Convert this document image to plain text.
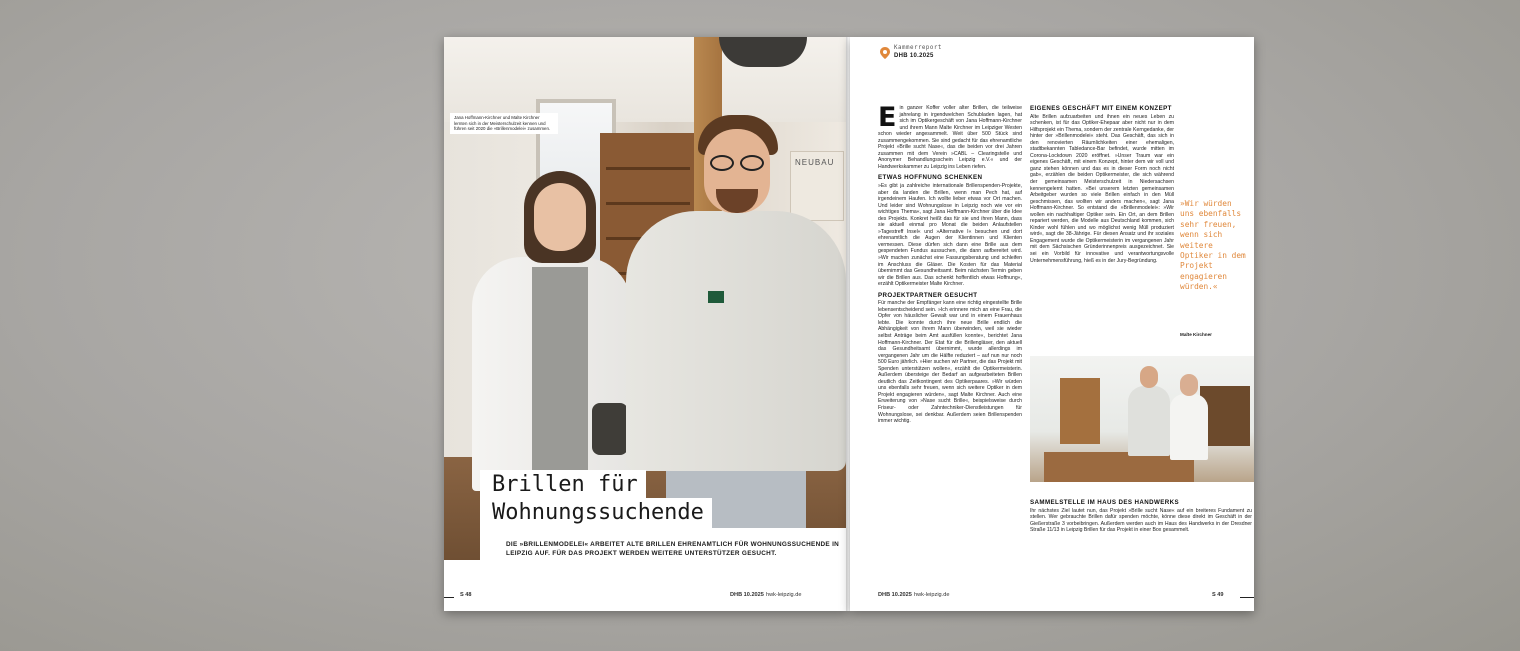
NEUBAU
Jana Hoffmann-Kirchner und Malte Kirchner lernten sich in der Meisterschulzeit kennen und führen seit 2020 die »Brillenmodelei« zusammen.
Brillen für
Wohnungssuchende
DIE »BRILLENMODELEI« ARBEITET ALTE BRILLEN EHRENAMTLICH FÜR WOHNUNGSSUCHENDE IN LEIPZIG AUF. FÜR DAS PROJEKT WERDEN WEITERE UNTERSTÜTZER GESUCHT.
S 48	DHB 10.2025 hwk-leipzig.de
Kammerreport
DHB 10.2025

Ein ganzer Koffer voller alter Brillen, die teilweise jahrelang in irgendwelchen Schubladen lagen, hat sich im Optikergeschäft von Jana Hoffmann-Kirchner und ihrem Mann Malte Kirchner im Leipziger Westen schon wieder angesammelt. Weit über 500 Stück sind zusammengekommen. Sie sind gedacht für das ehrenamtliche Projekt »Brille sucht Nase«, das die beiden vor drei Jahren zusammen mit dem Verein »CABL – Clearingstelle und Anonymer Behandlungsschein Leipzig e.V.« und der Handwerkskammer zu Leipzig ins Leben riefen.

ETWAS HOFFNUNG SCHENKEN

»Es gibt ja zahlreiche internationale Brillenspenden-Projekte, aber da landen die Brillen, wenn man Pech hat, auf irgendeinem Haufen. Ich wollte lieber etwas vor Ort machen. Und leider sind Wohnungslose in Leipzig noch wie vor ein wichtiges Thema«, sagt Jana Hoffmann-Kirchner über die Idee des Projekts. Konkret heißt das für sie und ihren Mann, dass sie aktuell einmal pro Monat die beiden Anlaufstellen »Tagestreff Insel« und »Alternative I« besuchen und dort ehrenamtlich die Augen der Klientinnen und Klienten vermessen. Diese dürfen sich dann eine Brille aus dem gespendeten Fundus aussuchen, die dann aufbereitet wird. »Wir machen zunächst eine Fassungsberatung und schleifen im Anschluss die Gläser. Die Kosten für das Material übernimmt das Gesundheitsamt. Beim nächsten Termin geben wir die Brillen aus. Das schenkt hoffentlich etwas Hoffnung«, erzählt Optikermeister Malte Kirchner.

PROJEKTPARTNER GESUCHT

Für manche der Empfänger kann eine richtig eingestellte Brille lebensentscheidend sein. »Ich erinnere mich an eine Frau, die Opfer von häuslicher Gewalt war und in einem Frauenhaus lebte. Die konnte durch ihre neue Brille endlich die Abhängigkeit von ihrem Mann überwinden, weil sie wieder selbst Anträge beim Amt ausfüllen konnte«, berichtet Jana Hoffmann-Kirchner. Der Etat für die Brillengläser, den aktuell das Gesundheitsamt übernimmt, wurde allerdings im vergangenen Jahr um die Hälfte reduziert – auf nun nur noch 500 Euro jährlich. »Hier suchen wir Partner, die das Projekt mit Spenden unterstützen wollen«, erzählt die Optikermeisterin. Außerdem übersteige der Bedarf an aufgearbeiteten Brillen deutlich das Zeitkontingent des Optikerpaares. »Wir würden uns ebenfalls sehr freuen, wenn sich weitere Optiker in dem Projekt engagieren würden«, sagt Malte Kirchner. Auch eine Erweiterung von »Nase sucht Brille«, beispielsweise durch Friseur- oder Zahntechniker-Dienstleistungen für Wohnungslose, sei denkbar. Außerdem seien Brillenspenden immer wichtig.

EIGENES GESCHÄFT MIT EINEM KONZEPT

Alte Brillen aufzuarbeiten und ihnen ein neues Leben zu schenken, ist für das Optiker-Ehepaar aber nicht nur in dem Hilfsprojekt ein Thema, sondern der zentrale Kerngedanke, der hinter der »Brillenmodelei« steht. Das Geschäft, das sich in den renovierten Räumlichkeiten einer ehemaligen, stadtbekannten Tabledance-Bar befindet, wurde mitten im Corona-Lockdown 2020 eröffnet. »Unser Traum war ein eigenes Geschäft, mit einem Konzept, hinter dem wir voll und ganz stehen können und das es in dieser Form noch nicht gab«, erzählen die beiden Optikermeister, die sich während der gemeinsamen Meisterschulzeit in Niedersachsen kennengelernt hatten. »Bei unserem letzten gemeinsamen Arbeitgeber wurden so viele Brillen einfach in den Müll geschmissen, das wollten wir anders machen«, sagt Jana Hoffmann-Kirchner. So entstand die »Brillenmodelei«: »Wir wollen ein nachhaltiger Optiker sein. Ein Ort, an dem Brillen repariert werden, die Modelle aus Deutschland kommen, sich Kinder wohl fühlen und wo möglichst wenig Müll produziert wird«, sagt die 38-Jährige. Für diesen Ansatz und ihr soziales Engagement wurde die Optikermeisterin im vergangenen Jahr mit dem Sächsischen Gründerinnenpreis ausgezeichnet. Sie sei ein Vorbild für innovative und verantwortungsvolle Unternehmensführung, hieß es in der Jury-Begründung.

»Wir würden uns ebenfalls sehr freuen, wenn sich weitere Optiker in dem Projekt engagieren würden.«
Malte Kirchner
SAMMELSTELLE IM HAUS DES HANDWERKS

Ihr nächstes Ziel lautet nun, das Projekt »Brille sucht Nase« auf ein breiteres Fundament zu stellen. Wer gebrauchte Brillen dafür spenden möchte, könne diese direkt im Geschäft in der Gießerstraße 3 vorbeibringen. Außerdem werden auch im Haus des Handwerks in der Dresdner Straße 11/13 in Leipzig Brillen für das Projekt in einer Box gesammelt.

DHB 10.2025 hwk-leipzig.de	S 49
